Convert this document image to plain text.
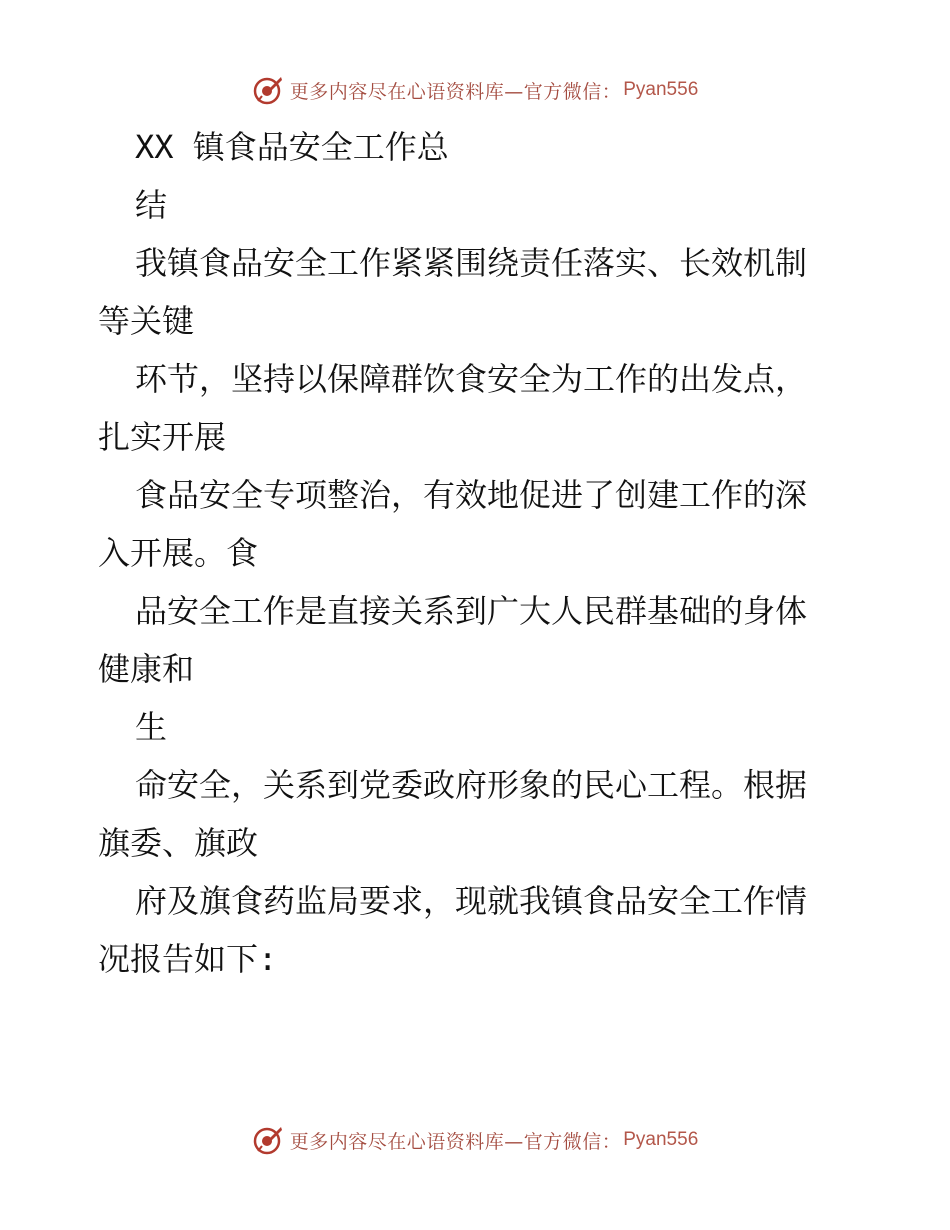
更多内容尽在心语资料库—官方微信： Pyan556
XX 镇食品安全工作总
结
我镇食品安全工作紧紧围绕责任落实、长效机制
等关键
环节，坚持以保障群饮食安全为工作的出发点，
扎实开展
食品安全专项整治，有效地促进了创建工作的深
入开展。食
品安全工作是直接关系到广大人民群基础的身体
健康和
生
命安全，关系到党委政府形象的民心工程。根据
旗委、旗政
府及旗食药监局要求，现就我镇食品安全工作情
况报告如下:
更多内容尽在心语资料库—官方微信： Pyan556
